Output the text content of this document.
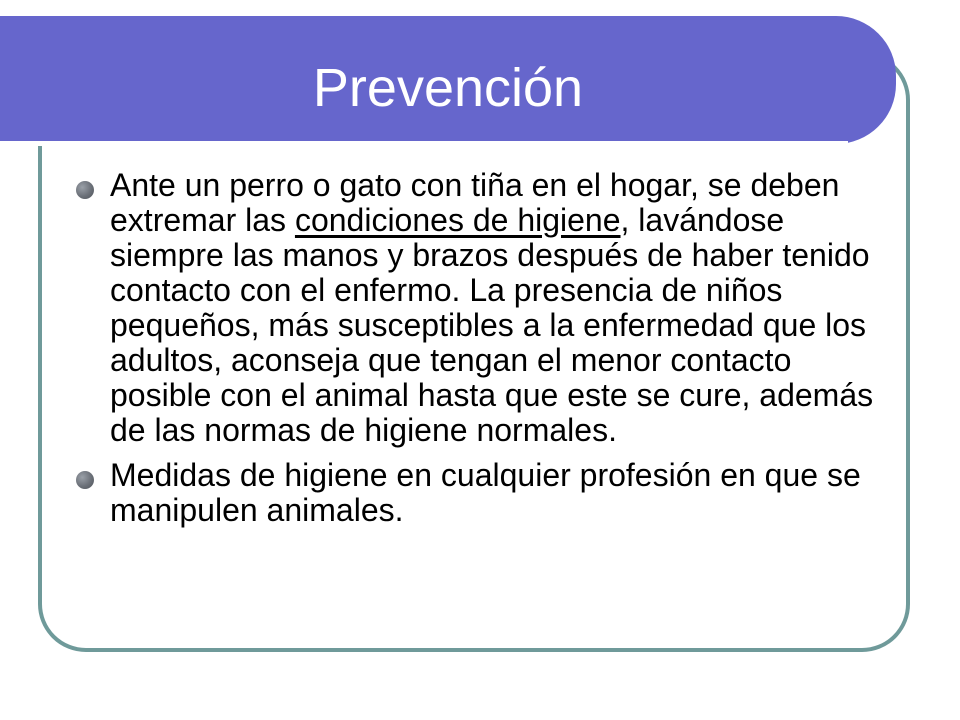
Prevención
Ante un perro o gato con tiña en el hogar, se deben extremar las condiciones de higiene, lavándose siempre las manos y brazos después de haber tenido contacto con el enfermo. La presencia de niños pequeños, más susceptibles a la enfermedad que los adultos, aconseja que tengan el menor contacto posible con el animal hasta que este se cure, además de las normas de higiene normales.
Medidas de higiene en cualquier profesión en que se manipulen animales.
